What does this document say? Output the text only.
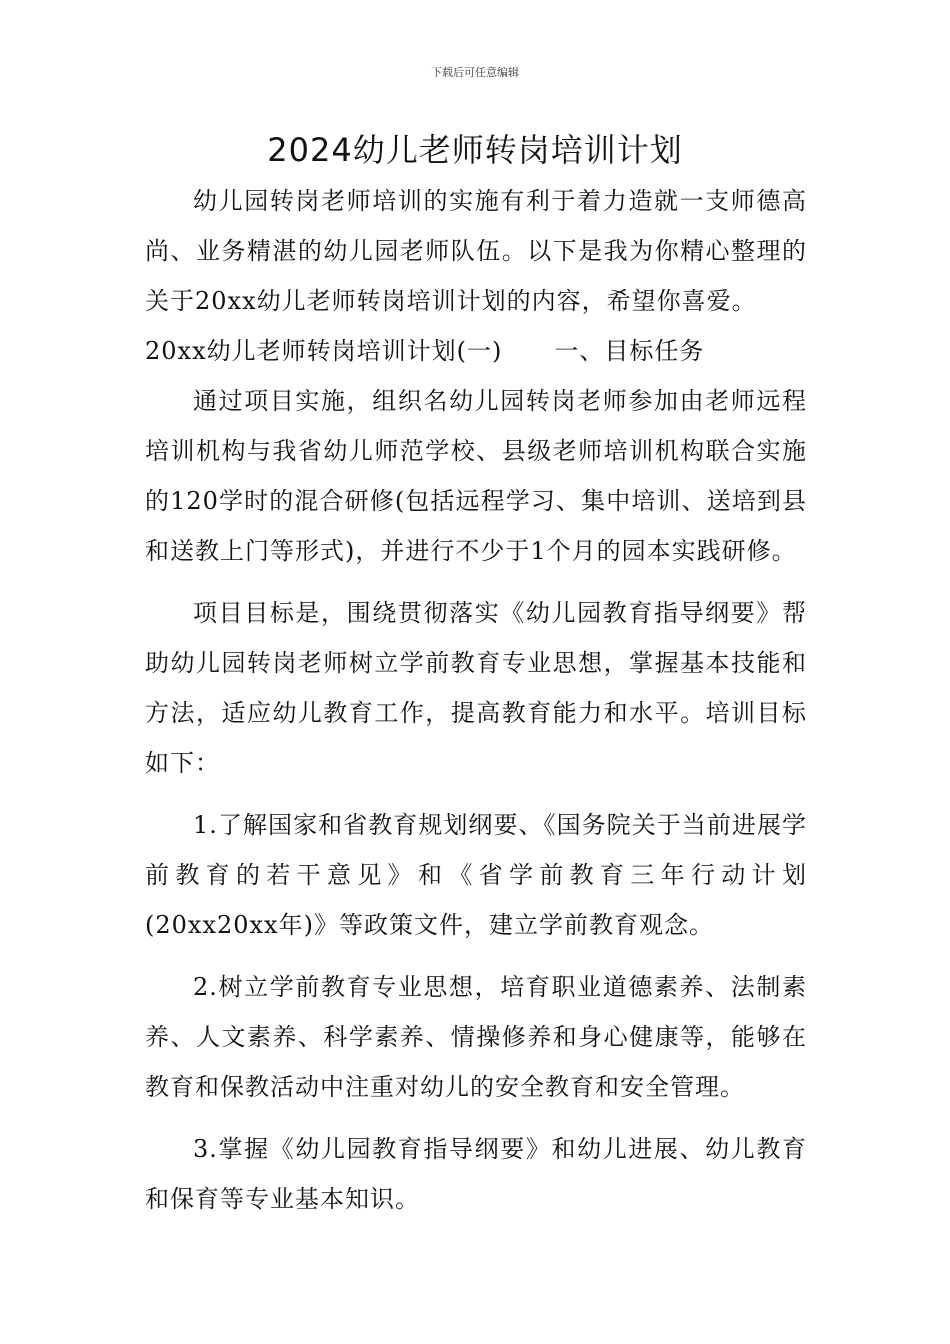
下载后可任意编辑
2024幼儿老师转岗培训计划

幼儿园转岗老师培训的实施有利于着力造就一支师德高尚、业务精湛的幼儿园老师队伍。以下是我为你精心整理的关于20xx幼儿老师转岗培训计划的内容，希望你喜爱。

20xx幼儿老师转岗培训计划(一) 一、目标任务

通过项目实施，组织名幼儿园转岗老师参加由老师远程培训机构与我省幼儿师范学校、县级老师培训机构联合实施的120学时的混合研修(包括远程学习、集中培训、送培到县和送教上门等形式)，并进行不少于1个月的园本实践研修。

项目目标是，围绕贯彻落实《幼儿园教育指导纲要》帮助幼儿园转岗老师树立学前教育专业思想，掌握基本技能和方法，适应幼儿教育工作，提高教育能力和水平。培训目标如下：

1.了解国家和省教育规划纲要、《国务院关于当前进展学前教育的若干意见》和《省学前教育三年行动计划(20xx20xx年)》等政策文件，建立学前教育观念。

2.树立学前教育专业思想，培育职业道德素养、法制素养、人文素养、科学素养、情操修养和身心健康等，能够在教育和保教活动中注重对幼儿的安全教育和安全管理。

3.掌握《幼儿园教育指导纲要》和幼儿进展、幼儿教育和保育等专业基本知识。
